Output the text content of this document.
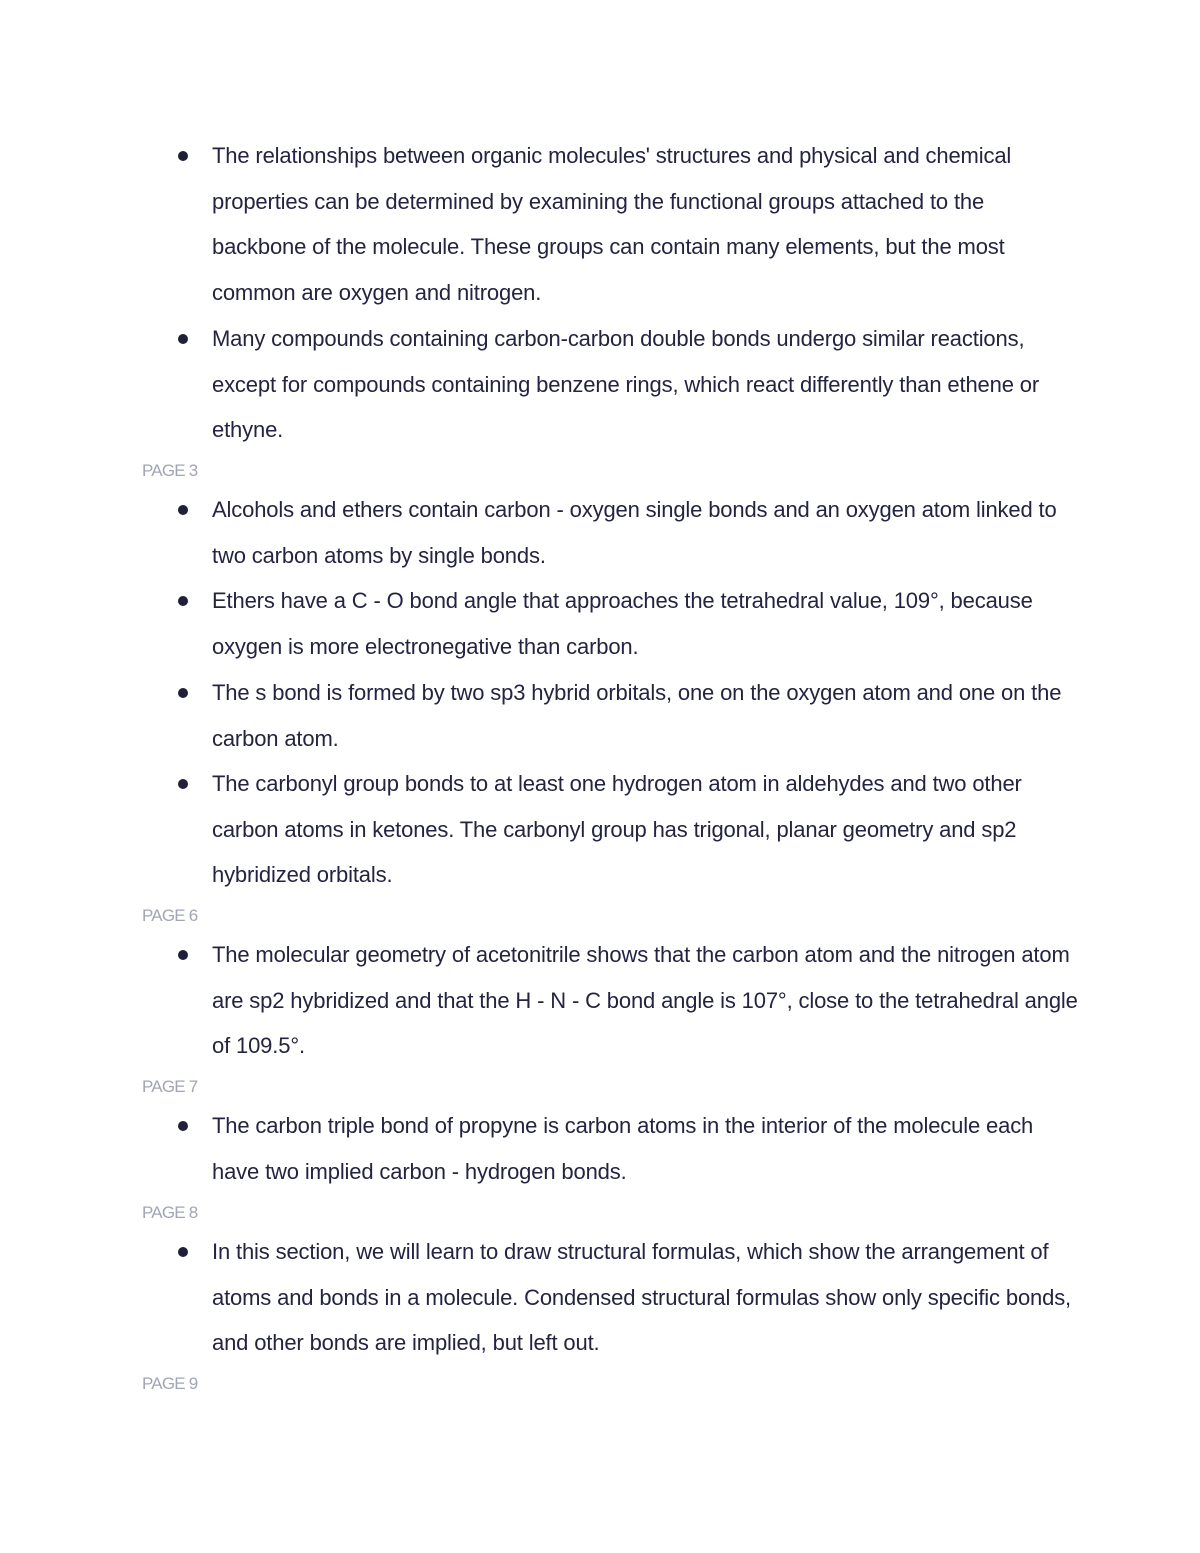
The relationships between organic molecules' structures and physical and chemical properties can be determined by examining the functional groups attached to the backbone of the molecule. These groups can contain many elements, but the most common are oxygen and nitrogen.
Many compounds containing carbon-carbon double bonds undergo similar reactions, except for compounds containing benzene rings, which react differently than ethene or ethyne.
PAGE 3
Alcohols and ethers contain carbon - oxygen single bonds and an oxygen atom linked to two carbon atoms by single bonds.
Ethers have a C - O bond angle that approaches the tetrahedral value, 109°, because oxygen is more electronegative than carbon.
The s bond is formed by two sp3 hybrid orbitals, one on the oxygen atom and one on the carbon atom.
The carbonyl group bonds to at least one hydrogen atom in aldehydes and two other carbon atoms in ketones. The carbonyl group has trigonal, planar geometry and sp2 hybridized orbitals.
PAGE 6
The molecular geometry of acetonitrile shows that the carbon atom and the nitrogen atom are sp2 hybridized and that the H - N - C bond angle is 107°, close to the tetrahedral angle of 109.5°.
PAGE 7
The carbon triple bond of propyne is carbon atoms in the interior of the molecule each have two implied carbon - hydrogen bonds.
PAGE 8
In this section, we will learn to draw structural formulas, which show the arrangement of atoms and bonds in a molecule. Condensed structural formulas show only specific bonds, and other bonds are implied, but left out.
PAGE 9
